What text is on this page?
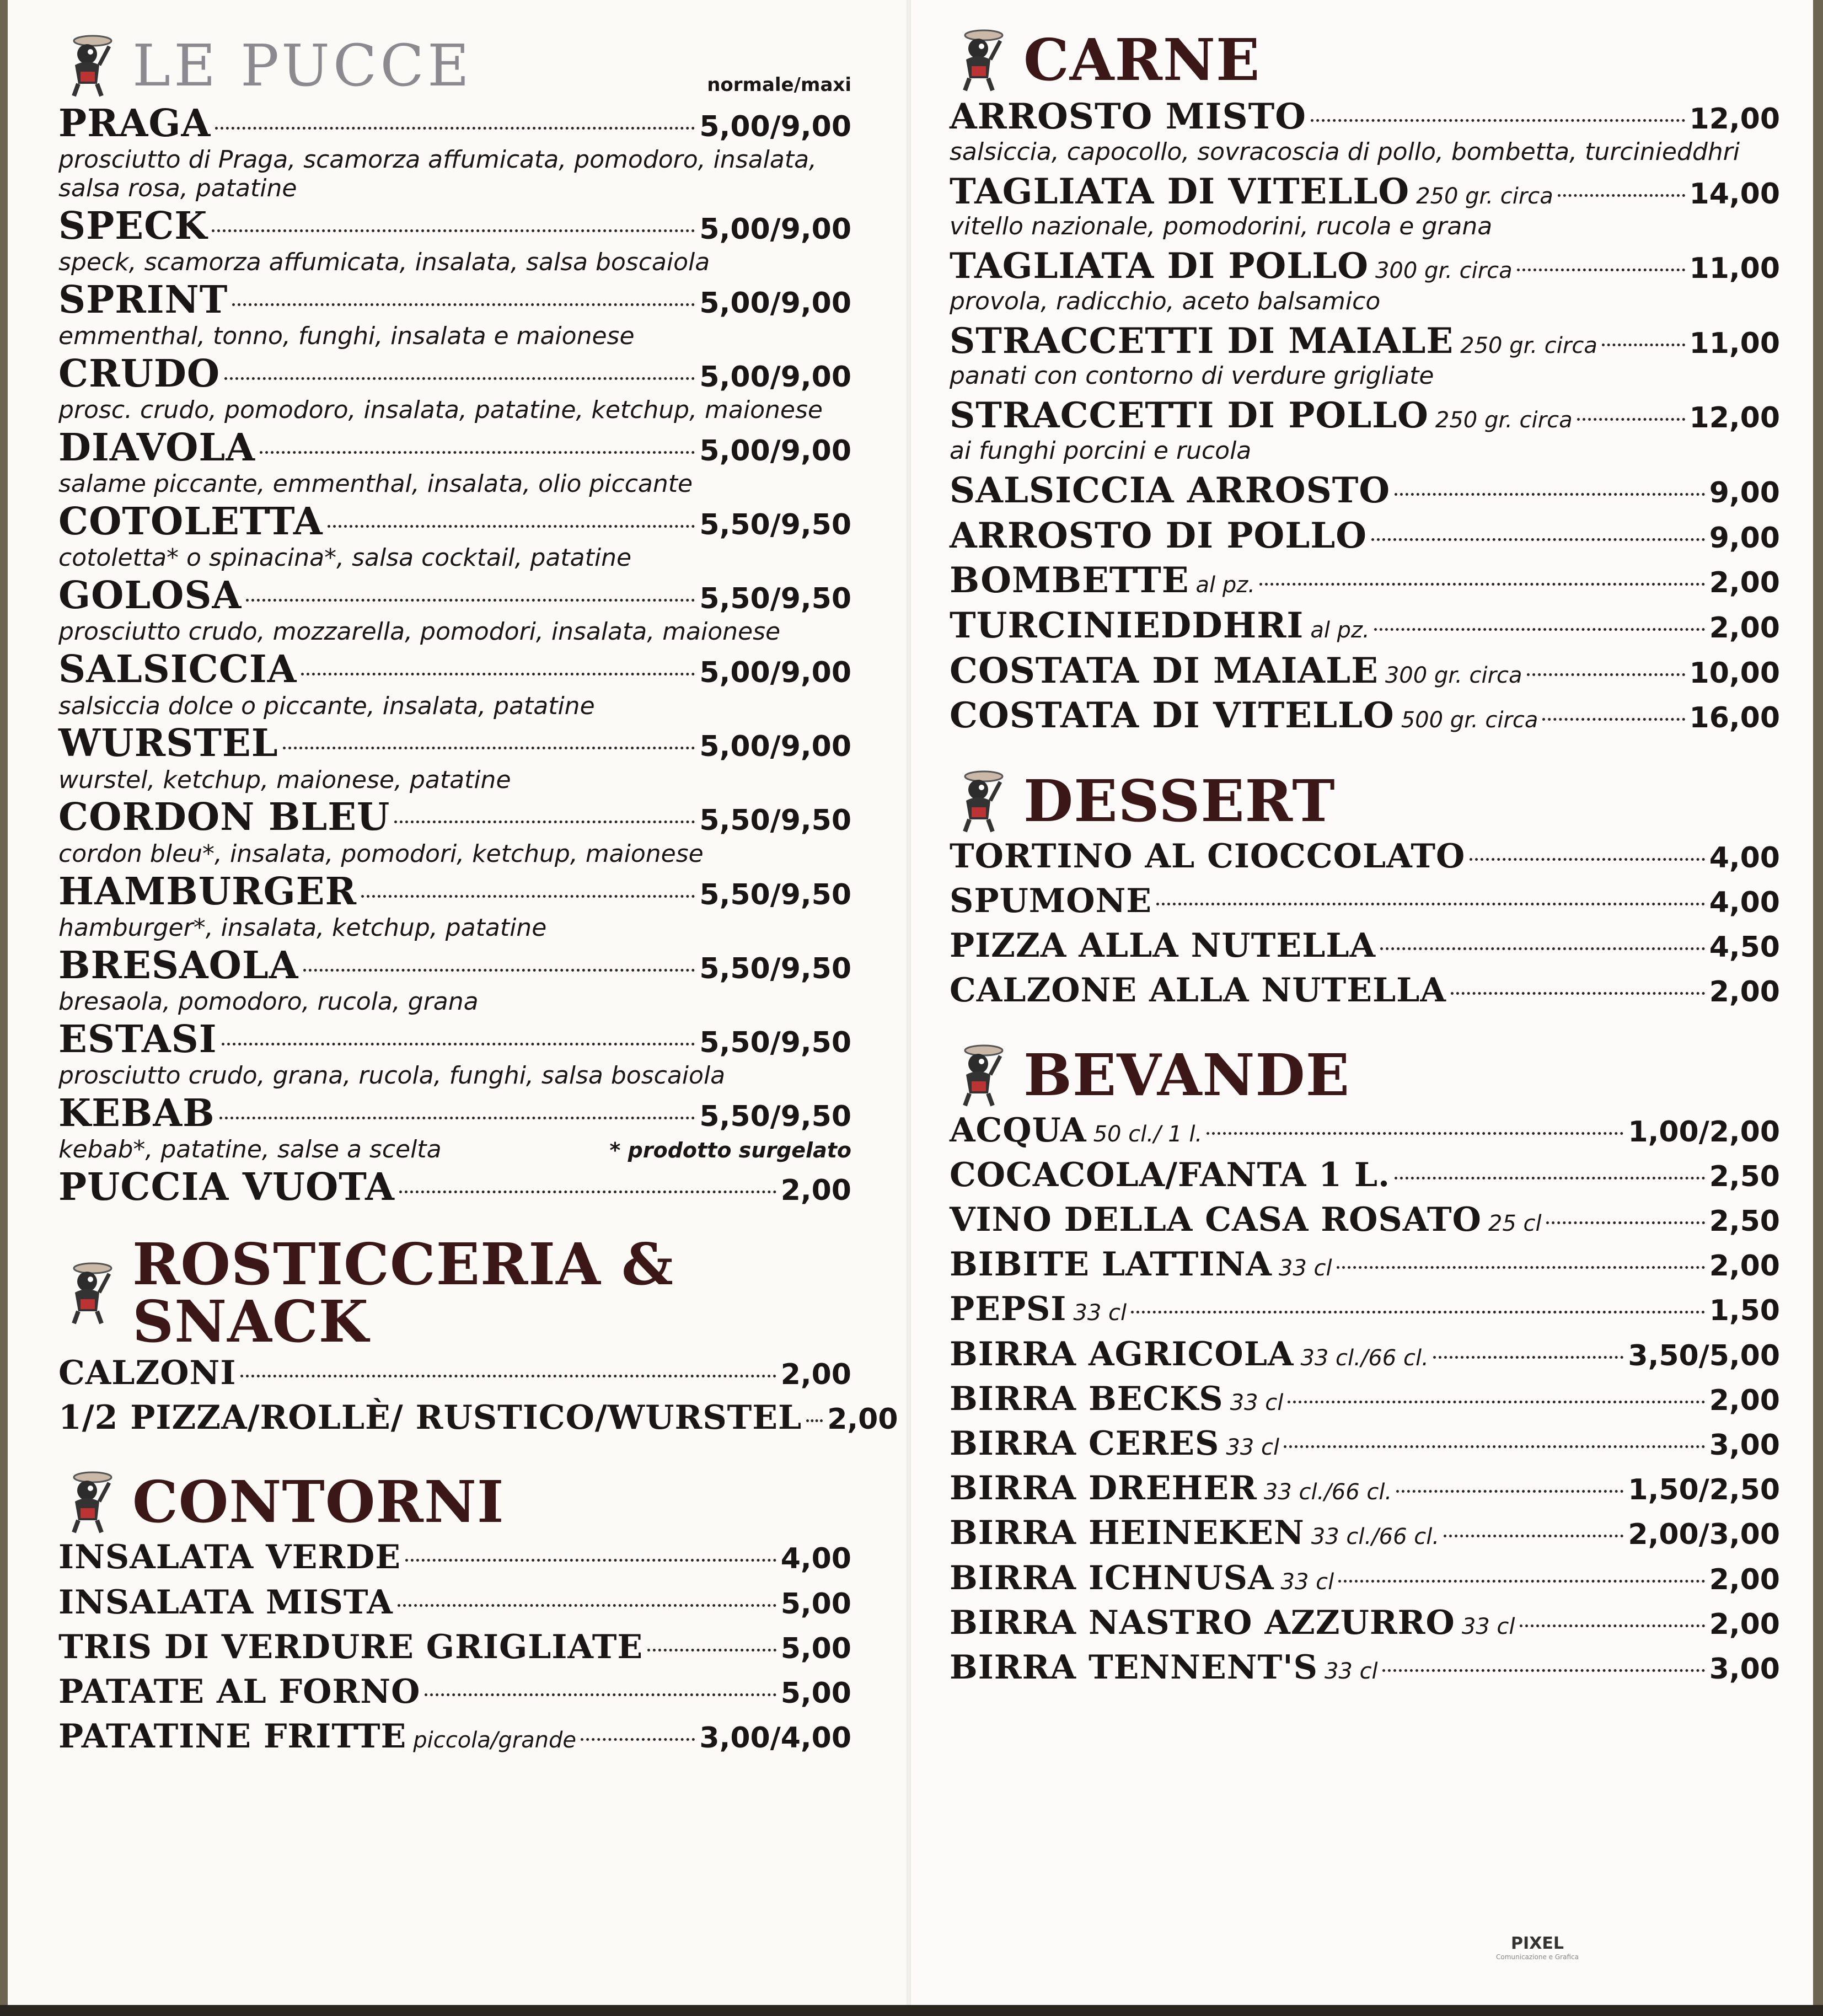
LE PUCCE	normale/maxi
PRAGA	5,00/9,00
prosciutto di Praga, scamorza affumicata, pomodoro, insalata, salsa rosa, patatine
SPECK	5,00/9,00
speck, scamorza affumicata, insalata, salsa boscaiola
SPRINT	5,00/9,00
emmenthal, tonno, funghi, insalata e maionese
CRUDO	5,00/9,00
prosc. crudo, pomodoro, insalata, patatine, ketchup, maionese
DIAVOLA	5,00/9,00
salame piccante, emmenthal, insalata, olio piccante
COTOLETTA	5,50/9,50
cotoletta* o spinacina*, salsa cocktail, patatine
GOLOSA	5,50/9,50
prosciutto crudo, mozzarella, pomodori, insalata, maionese
SALSICCIA	5,00/9,00
salsiccia dolce o piccante, insalata, patatine
WURSTEL	5,00/9,00
wurstel, ketchup, maionese, patatine
CORDON BLEU	5,50/9,50
cordon bleu*, insalata, pomodori, ketchup, maionese
HAMBURGER	5,50/9,50
hamburger*, insalata, ketchup, patatine
BRESAOLA	5,50/9,50
bresaola, pomodoro, rucola, grana
ESTASI	5,50/9,50
prosciutto crudo, grana, rucola, funghi, salsa boscaiola
KEBAB	5,50/9,50
kebab*, patatine, salse a scelta	* prodotto surgelato
PUCCIA VUOTA	2,00
ROSTICCERIA & SNACK
CALZONI	2,00
1/2 PIZZA/ROLLÈ/ RUSTICO/WURSTEL 2,00
CONTORNI
INSALATA VERDE	4,00
INSALATA MISTA	5,00
TRIS DI VERDURE GRIGLIATE	5,00
PATATE AL FORNO	5,00
PATATINE FRITTE piccola/grande	3,00/4,00
CARNE
ARROSTO MISTO	12,00
salsiccia, capocollo, sovracoscia di pollo, bombetta, turcinieddhri
TAGLIATA DI VITELLO 250 gr. circa	14,00
vitello nazionale, pomodorini, rucola e grana
TAGLIATA DI POLLO 300 gr. circa	11,00
provola, radicchio, aceto balsamico
STRACCETTI DI MAIALE 250 gr. circa	11,00
panati con contorno di verdure grigliate
STRACCETTI DI POLLO 250 gr. circa	12,00
ai funghi porcini e rucola
SALSICCIA ARROSTO	9,00
ARROSTO DI POLLO	9,00
BOMBETTE al pz.	2,00
TURCINIEDDHRI al pz.	2,00
COSTATA DI MAIALE 300 gr. circa	10,00
COSTATA DI VITELLO 500 gr. circa	16,00
DESSERT
TORTINO AL CIOCCOLATO	4,00
SPUMONE	4,00
PIZZA ALLA NUTELLA	4,50
CALZONE ALLA NUTELLA	2,00
BEVANDE
ACQUA 50 cl./ 1 l.	1,00/2,00
COCACOLA/FANTA 1 L.	2,50
VINO DELLA CASA ROSATO 25 cl	2,50
BIBITE LATTINA 33 cl	2,00
PEPSI 33 cl	1,50
BIRRA AGRICOLA 33 cl./66 cl.	3,50/5,00
BIRRA BECKS 33 cl	2,00
BIRRA CERES 33 cl	3,00
BIRRA DREHER 33 cl./66 cl.	1,50/2,50
BIRRA HEINEKEN 33 cl./66 cl.	2,00/3,00
BIRRA ICHNUSA 33 cl	2,00
BIRRA NASTRO AZZURRO 33 cl	2,00
BIRRA TENNENT'S 33 cl	3,00
PIXEL
Comunicazione e Grafica
